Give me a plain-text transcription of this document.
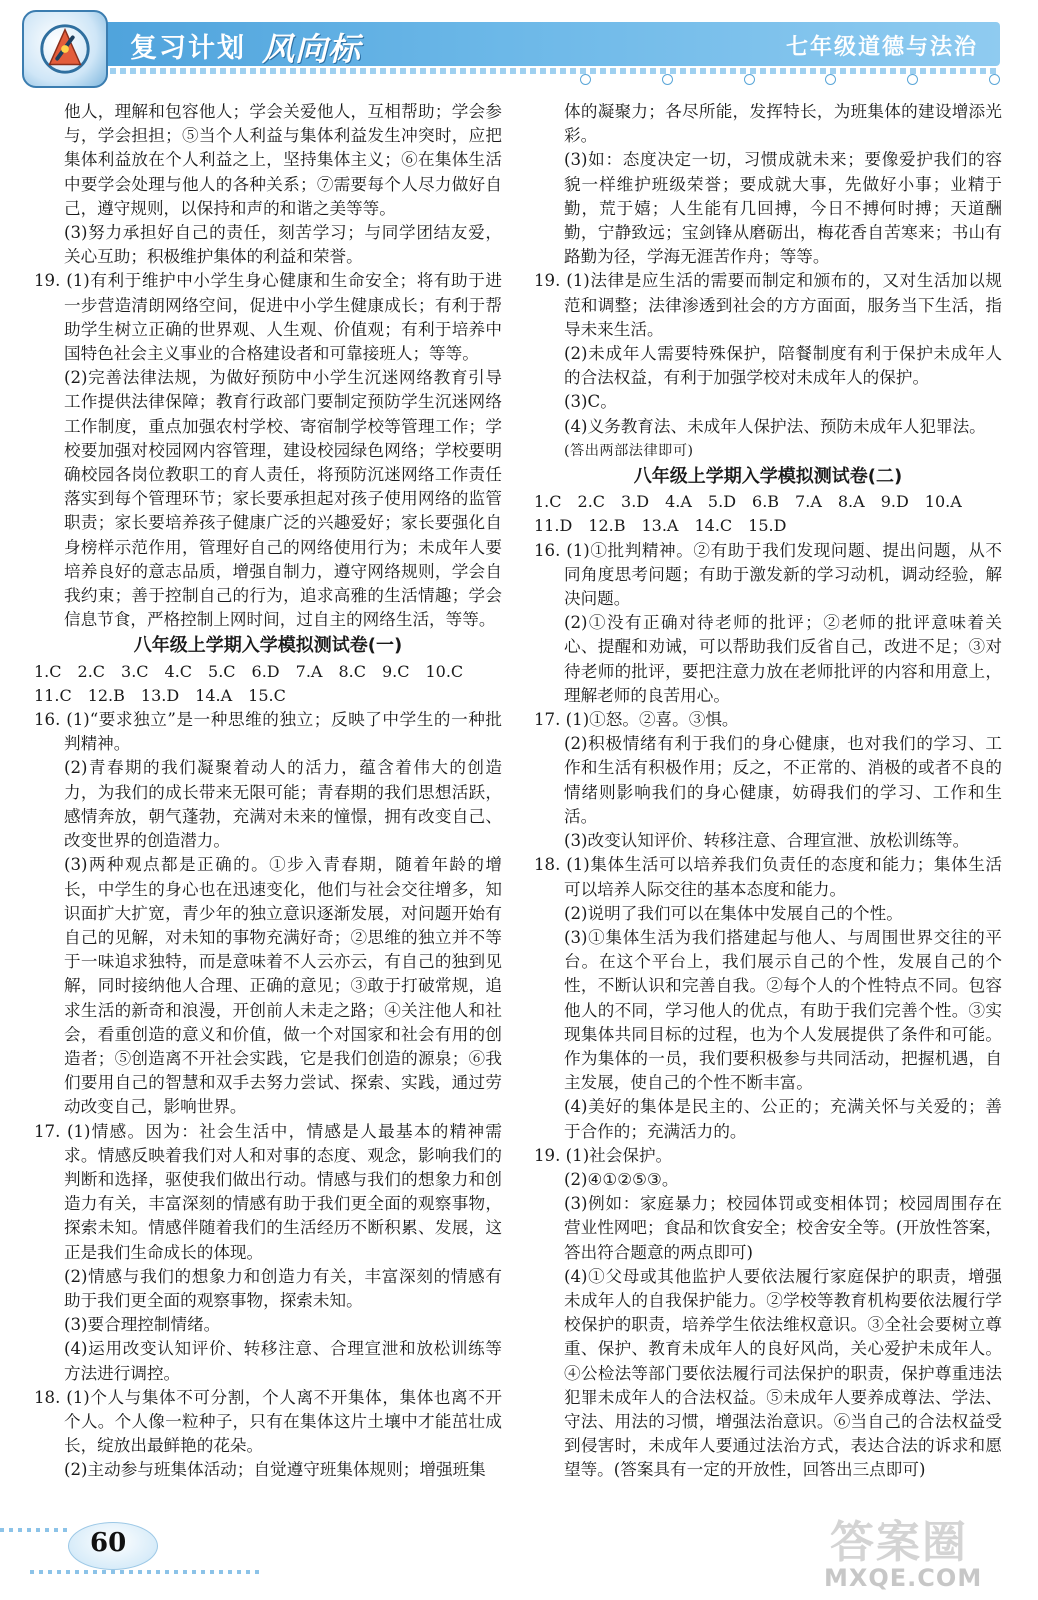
复习计划 风向标	七年级道德与法治

他人，理解和包容他人；学会关爱他人，互相帮助；学会参与，学会担担；⑤当个人利益与集体利益发生冲突时，应把集体利益放在个人利益之上，坚持集体主义；⑥在集体生活中要学会处理与他人的各种关系；⑦需要每个人尽力做好自己，遵守规则，以保持和声的和谐之美等等。

(3)努力承担好自己的责任，刻苦学习；与同学团结友爱，关心互助；积极维护集体的利益和荣誉。

19. (1)有利于维护中小学生身心健康和生命安全；将有助于进一步营造清朗网络空间，促进中小学生健康成长；有利于帮助学生树立正确的世界观、人生观、价值观；有利于培养中国特色社会主义事业的合格建设者和可靠接班人；等等。

(2)完善法律法规，为做好预防中小学生沉迷网络教育引导工作提供法律保障；教育行政部门要制定预防学生沉迷网络工作制度，重点加强农村学校、寄宿制学校等管理工作；学校要加强对校园网内容管理，建设校园绿色网络；学校要明确校园各岗位教职工的育人责任，将预防沉迷网络工作责任落实到每个管理环节；家长要承担起对孩子使用网络的监管职责；家长要培养孩子健康广泛的兴趣爱好；家长要强化自身榜样示范作用，管理好自己的网络使用行为；未成年人要培养良好的意志品质，增强自制力，遵守网络规则，学会自我约束；善于控制自己的行为，追求高雅的生活情趣；学会信息节食，严格控制上网时间，过自主的网络生活，等等。

八年级上学期入学模拟测试卷(一)

1.C　2.C　3.C　4.C　5.C　6.D　7.A　8.C　9.C　10.C

11.C　12.B　13.D　14.A　15.C

16. (1)“要求独立”是一种思维的独立；反映了中学生的一种批判精神。

(2)青春期的我们凝聚着动人的活力，蕴含着伟大的创造力，为我们的成长带来无限可能；青春期的我们思想活跃，感情奔放，朝气蓬勃，充满对未来的憧憬，拥有改变自己、改变世界的创造潜力。

(3)两种观点都是正确的。①步入青春期，随着年龄的增长，中学生的身心也在迅速变化，他们与社会交往增多，知识面扩大扩宽，青少年的独立意识逐渐发展，对问题开始有自己的见解，对未知的事物充满好奇；②思维的独立并不等于一味追求独特，而是意味着不人云亦云，有自己的独到见解，同时接纳他人合理、正确的意见；③敢于打破常规，追求生活的新奇和浪漫，开创前人未走之路；④关注他人和社会，看重创造的意义和价值，做一个对国家和社会有用的创造者；⑤创造离不开社会实践，它是我们创造的源泉；⑥我们要用自己的智慧和双手去努力尝试、探索、实践，通过劳动改变自己，影响世界。

17. (1)情感。因为：社会生活中，情感是人最基本的精神需求。情感反映着我们对人和对事的态度、观念，影响我们的判断和选择，驱使我们做出行动。情感与我们的想象力和创造力有关，丰富深刻的情感有助于我们更全面的观察事物，探索未知。情感伴随着我们的生活经历不断积累、发展，这正是我们生命成长的体现。

(2)情感与我们的想象力和创造力有关，丰富深刻的情感有助于我们更全面的观察事物，探索未知。

(3)要合理控制情绪。

(4)运用改变认知评价、转移注意、合理宣泄和放松训练等方法进行调控。

18. (1)个人与集体不可分割，个人离不开集体，集体也离不开个人。个人像一粒种子，只有在集体这片土壤中才能茁壮成长，绽放出最鲜艳的花朵。

(2)主动参与班集体活动；自觉遵守班集体规则；增强班集

体的凝聚力；各尽所能，发挥特长，为班集体的建设增添光彩。

(3)如：态度决定一切，习惯成就未来；要像爱护我们的容貌一样维护班级荣誉；要成就大事，先做好小事；业精于勤，荒于嬉；人生能有几回搏，今日不搏何时搏；天道酬勤，宁静致远；宝剑锋从磨砺出，梅花香自苦寒来；书山有路勤为径，学海无涯苦作舟；等等。

19. (1)法律是应生活的需要而制定和颁布的，又对生活加以规范和调整；法律渗透到社会的方方面面，服务当下生活，指导未来生活。

(2)未成年人需要特殊保护，陪餐制度有利于保护未成年人的合法权益，有利于加强学校对未成年人的保护。

(3)C。

(4)义务教育法、未成年人保护法、预防未成年人犯罪法。

(答出两部法律即可)

八年级上学期入学模拟测试卷(二)

1.C　2.C　3.D　4.A　5.D　6.B　7.A　8.A　9.D　10.A

11.D　12.B　13.A　14.C　15.D

16. (1)①批判精神。②有助于我们发现问题、提出问题，从不同角度思考问题；有助于激发新的学习动机，调动经验，解决问题。

(2)①没有正确对待老师的批评；②老师的批评意味着关心、提醒和劝诫，可以帮助我们反省自己，改进不足；③对待老师的批评，要把注意力放在老师批评的内容和用意上，理解老师的良苦用心。

17. (1)①怒。②喜。③惧。

(2)积极情绪有利于我们的身心健康，也对我们的学习、工作和生活有积极作用；反之，不正常的、消极的或者不良的情绪则影响我们的身心健康，妨碍我们的学习、工作和生活。

(3)改变认知评价、转移注意、合理宣泄、放松训练等。

18. (1)集体生活可以培养我们负责任的态度和能力；集体生活可以培养人际交往的基本态度和能力。

(2)说明了我们可以在集体中发展自己的个性。

(3)①集体生活为我们搭建起与他人、与周围世界交往的平台。在这个平台上，我们展示自己的个性，发展自己的个性，不断认识和完善自我。②每个人的个性特点不同。包容他人的不同，学习他人的优点，有助于我们完善个性。③实现集体共同目标的过程，也为个人发展提供了条件和可能。作为集体的一员，我们要积极参与共同活动，把握机遇，自主发展，使自己的个性不断丰富。

(4)美好的集体是民主的、公正的；充满关怀与关爱的；善于合作的；充满活力的。

19. (1)社会保护。

(2)④①②⑤③。

(3)例如：家庭暴力；校园体罚或变相体罚；校园周围存在营业性网吧；食品和饮食安全；校舍安全等。(开放性答案，答出符合题意的两点即可)

(4)①父母或其他监护人要依法履行家庭保护的职责，增强未成年人的自我保护能力。②学校等教育机构要依法履行学校保护的职责，培养学生依法维权意识。③全社会要树立尊重、保护、教育未成年人的良好风尚，关心爱护未成年人。④公检法等部门要依法履行司法保护的职责，保护尊重违法犯罪未成年人的合法权益。⑤未成年人要养成尊法、学法、守法、用法的习惯，增强法治意识。⑥当自己的合法权益受到侵害时，未成年人要通过法治方式，表达合法的诉求和愿望等。(答案具有一定的开放性，回答出三点即可)

60	答案圈
MXQE.COM
